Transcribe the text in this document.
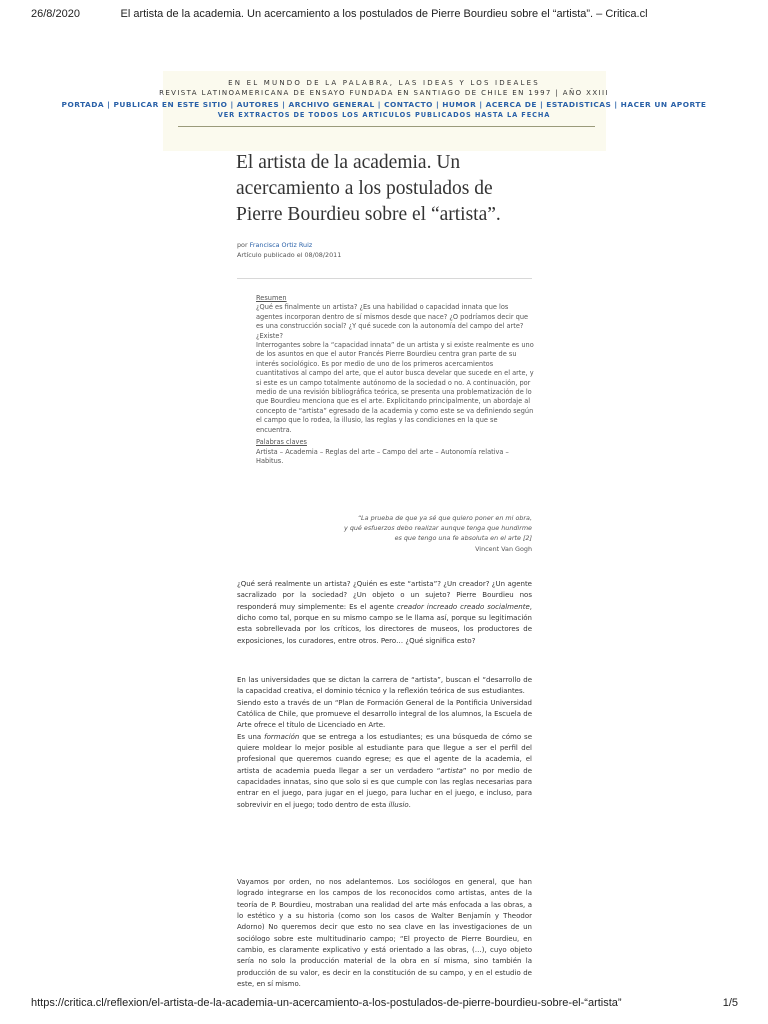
26/8/2020	El artista de la academia. Un acercamiento a los postulados de Pierre Bourdieu sobre el “artista”. – Critica.cl
EN EL MUNDO DE LA PALABRA, LAS IDEAS Y LOS IDEALES
REVISTA LATINOAMERICANA DE ENSAYO FUNDADA EN SANTIAGO DE CHILE EN 1997 | AÑO XXIII
PORTADA | PUBLICAR EN ESTE SITIO | AUTORES | ARCHIVO GENERAL | CONTACTO | HUMOR | ACERCA DE | ESTADISTICAS | HACER UN APORTE
VER EXTRACTOS DE TODOS LOS ARTICULOS PUBLICADOS HASTA LA FECHA
El artista de la academia. Un acercamiento a los postulados de Pierre Bourdieu sobre el “artista”.
por Francisca Ortiz Ruiz
Artículo publicado el 08/08/2011
Resumen

¿Qué es finalmente un artista? ¿Es una habilidad o capacidad innata que los agentes incorporan dentro de sí mismos desde que nace? ¿O podríamos decir que es una construcción social? ¿Y qué sucede con la autonomía del campo del arte? ¿Existe?

Interrogantes sobre la “capacidad innata” de un artista y si existe realmente es uno de los asuntos en que el autor Francés Pierre Bourdieu centra gran parte de su interés sociológico. Es por medio de uno de los primeros acercamientos cuantitativos al campo del arte, que el autor busca develar que sucede en el arte, y si este es un campo totalmente autónomo de la sociedad o no. A continuación, por medio de una revisión bibliográfica teórica, se presenta una problematización de lo que Bourdieu menciona que es el arte. Explicitando principalmente, un abordaje al concepto de “artista” egresado de la academia y como este se va definiendo según el campo que lo rodea, la illusio, las reglas y las condiciones en la que se encuentra.

Palabras claves

Artista – Academia – Reglas del arte – Campo del arte – Autonomía relativa – Habitus.

“La prueba de que ya sé que quiero poner en mi obra,
y qué esfuerzos debo realizar aunque tenga que hundirme
es que tengo una fe absoluta en el arte [2]
Vincent Van Gogh

¿Qué será realmente un artista? ¿Quién es este “artista”? ¿Un creador? ¿Un agente sacralizado por la sociedad? ¿Un objeto o un sujeto? Pierre Bourdieu nos responderá muy simplemente: Es el agente creador increado creado socialmente, dicho como tal, porque en su mismo campo se le llama así, porque su legitimación esta sobrellevada por los críticos, los directores de museos, los productores de exposiciones, los curadores, entre otros. Pero… ¿Qué significa esto?

En las universidades que se dictan la carrera de “artista”, buscan el “desarrollo de la capacidad creativa, el dominio técnico y la reflexión teórica de sus estudiantes.

Siendo esto a través de un “Plan de Formación General de la Pontificia Universidad Católica de Chile, que promueve el desarrollo integral de los alumnos, la Escuela de Arte ofrece el título de Licenciado en Arte.

Es una formación que se entrega a los estudiantes; es una búsqueda de cómo se quiere moldear lo mejor posible al estudiante para que llegue a ser el perfil del profesional que queremos cuando egrese; es que el agente de la academia, el artista de academia pueda llegar a ser un verdadero “artista” no por medio de capacidades innatas, sino que solo si es que cumple con las reglas necesarias para entrar en el juego, para jugar en el juego, para luchar en el juego, e incluso, para sobrevivir en el juego; todo dentro de esta illusio.

Vayamos por orden, no nos adelantemos. Los sociólogos en general, que han logrado integrarse en los campos de los reconocidos como artistas, antes de la teoría de P. Bourdieu, mostraban una realidad del arte más enfocada a las obras, a lo estético y a su historia (como son los casos de Walter Benjamín y Theodor Adorno) No queremos decir que esto no sea clave en las investigaciones de un sociólogo sobre este multitudinario campo; “El proyecto de Pierre Bourdieu, en cambio, es claramente explicativo y está orientado a las obras, (…), cuyo objeto sería no solo la producción material de la obra en sí misma, sino también la producción de su valor, es decir en la constitución de su campo, y en el estudio de este, en sí mismo.

https://critica.cl/reflexion/el-artista-de-la-academia-un-acercamiento-a-los-postulados-de-pierre-bourdieu-sobre-el-“artista”	1/5
